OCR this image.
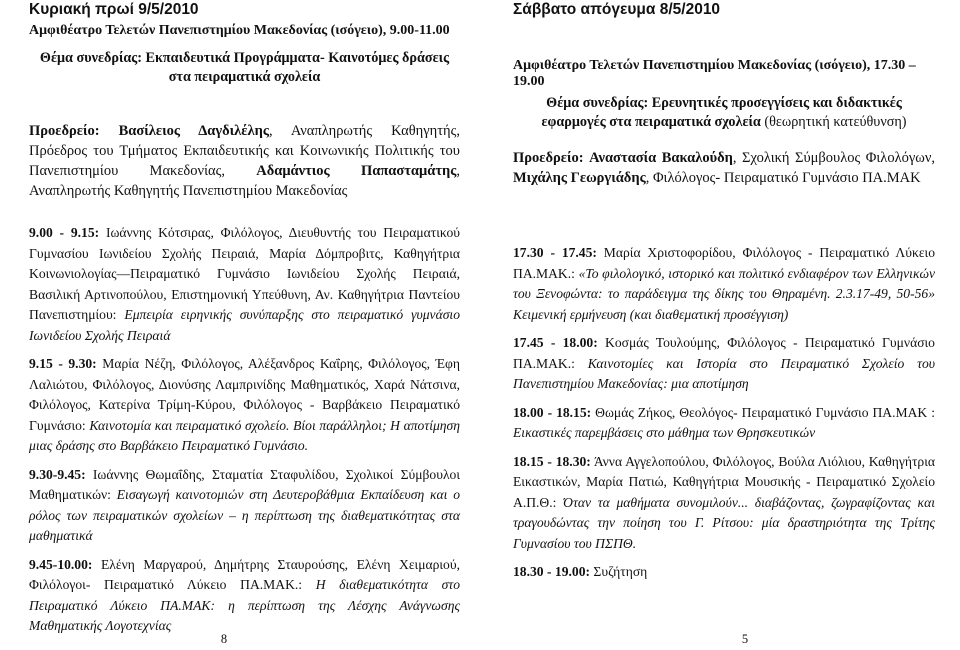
Κυριακή πρωί 9/5/2010

Αμφιθέατρο Τελετών Πανεπιστημίου Μακεδονίας (ισόγειο), 9.00-11.00

Θέμα συνεδρίας: Εκπαιδευτικά Προγράμματα- Καινοτόμες δράσεις στα πειραματικά σχολεία

Προεδρείο: Βασίλειος Δαγδιλέλης, Αναπληρωτής Καθηγητής, Πρόεδρος του Τμήματος Εκπαιδευτικής και Κοινωνικής Πολιτικής του Πανεπιστημίου Μακεδονίας, Αδαμάντιος Παπασταμάτης, Αναπληρωτής Καθηγητής Πανεπιστημίου Μακεδονίας

9.00 - 9.15: Ιωάννης Κότσιρας, Φιλόλογος, Διευθυντής του Πειραματικού Γυμνασίου Ιωνιδείου Σχολής Πειραιά, Μαρία Δόμπροβιτς, Καθηγήτρια Κοινωνιολογίας—Πειραματικό Γυμνάσιο Ιωνιδείου Σχολής Πειραιά, Βασιλική Αρτινοπούλου, Επιστημονική Υπεύθυνη, Αν. Καθηγήτρια Παντείου Πανεπιστημίου: Εμπειρία ειρηνικής συνύπαρξης στο πειραματικό γυμνάσιο Ιωνιδείου Σχολής Πειραιά

9.15 - 9.30: Μαρία Νέζη, Φιλόλογος, Αλέξανδρος Καΐρης, Φιλόλογος, Έφη Λαλιώτου, Φιλόλογος, Διονύσης Λαμπρινίδης Μαθηματικός, Χαρά Νάτσινα, Φιλόλογος, Κατερίνα Τρίμη-Κύρου, Φιλόλογος - Βαρβάκειο Πειραματικό Γυμνάσιο: Καινοτομία και πειραματικό σχολείο. Βίοι παράλληλοι; Η αποτίμηση μιας δράσης στο Βαρβάκειο Πειραματικό Γυμνάσιο.

9.30-9.45: Ιωάννης Θωμαΐδης, Σταματία Σταφυλίδου, Σχολικοί Σύμβουλοι Μαθηματικών: Εισαγωγή καινοτομιών στη Δευτεροβάθμια Εκπαίδευση και ο ρόλος των πειραματικών σχολείων – η περίπτωση της διαθεματικότητας στα μαθηματικά

9.45-10.00: Ελένη Μαργαρού, Δημήτρης Σταυρούσης, Ελένη Χειμαριού, Φιλόλογοι- Πειραματικό Λύκειο ΠΑ.ΜΑΚ.: Η διαθεματικότητα στο Πειραματικό Λύκειο ΠΑ.ΜΑΚ: η περίπτωση της Λέσχης Ανάγνωσης Μαθηματικής Λογοτεχνίας

8
Σάββατο απόγευμα 8/5/2010

Αμφιθέατρο Τελετών Πανεπιστημίου Μακεδονίας (ισόγειο), 17.30 – 19.00

Θέμα συνεδρίας: Ερευνητικές προσεγγίσεις και διδακτικές εφαρμογές στα πειραματικά σχολεία (θεωρητική κατεύθυνση)

Προεδρείο: Αναστασία Βακαλούδη, Σχολική Σύμβουλος Φιλολόγων, Μιχάλης Γεωργιάδης, Φιλόλογος- Πειραματικό Γυμνάσιο ΠΑ.ΜΑΚ

17.30 - 17.45: Μαρία Χριστοφορίδου, Φιλόλογος - Πειραματικό Λύκειο ΠΑ.ΜΑΚ.: «Το φιλολογικό, ιστορικό και πολιτικό ενδιαφέρον των Ελληνικών του Ξενοφώντα: το παράδειγμα της δίκης του Θηραμένη. 2.3.17-49, 50-56» Κειμενική ερμήνευση (και διαθεματική προσέγγιση)

17.45 - 18.00: Κοσμάς Τουλούμης, Φιλόλογος - Πειραματικό Γυμνάσιο ΠΑ.ΜΑΚ.: Καινοτομίες και Ιστορία στο Πειραματικό Σχολείο του Πανεπιστημίου Μακεδονίας: μια αποτίμηση

18.00 - 18.15: Θωμάς Ζήκος, Θεολόγος- Πειραματικό Γυμνάσιο ΠΑ.ΜΑΚ : Εικαστικές παρεμβάσεις στο μάθημα των Θρησκευτικών

18.15 - 18.30: Άννα Αγγελοπούλου, Φιλόλογος, Βούλα Λιόλιου, Καθηγήτρια Εικαστικών, Μαρία Πατιώ, Καθηγήτρια Μουσικής - Πειραματικό Σχολείο Α.Π.Θ.: Όταν τα μαθήματα συνομιλούν... διαβάζοντας, ζωγραφίζοντας και τραγουδώντας την ποίηση του Γ. Ρίτσου: μία δραστηριότητα της Τρίτης Γυμνασίου του ΠΣΠΘ.

18.30 - 19.00: Συζήτηση

5
